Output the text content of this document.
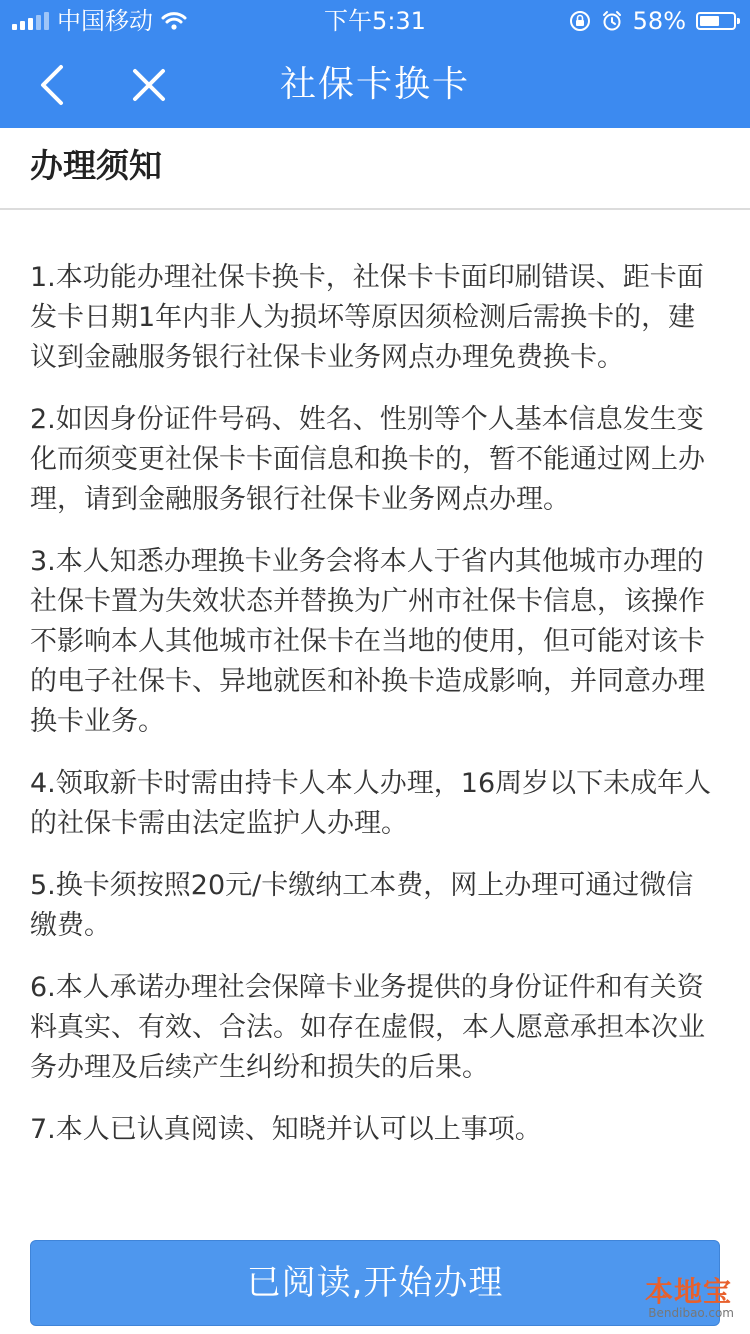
中国移动	下午5:31	58%
社保卡换卡
办理须知

1.本功能办理社保卡换卡，社保卡卡面印刷错误、距卡面发卡日期1年内非人为损坏等原因须检测后需换卡的，建议到金融服务银行社保卡业务网点办理免费换卡。

2.如因身份证件号码、姓名、性别等个人基本信息发生变化而须变更社保卡卡面信息和换卡的，暂不能通过网上办理，请到金融服务银行社保卡业务网点办理。

3.本人知悉办理换卡业务会将本人于省内其他城市办理的社保卡置为失效状态并替换为广州市社保卡信息，该操作不影响本人其他城市社保卡在当地的使用，但可能对该卡的电子社保卡、异地就医和补换卡造成影响，并同意办理换卡业务。

4.领取新卡时需由持卡人本人办理，16周岁以下未成年人的社保卡需由法定监护人办理。

5.换卡须按照20元/卡缴纳工本费，网上办理可通过微信缴费。

6.本人承诺办理社会保障卡业务提供的身份证件和有关资料真实、有效、合法。如存在虚假，本人愿意承担本次业务办理及后续产生纠纷和损失的后果。

7.本人已认真阅读、知晓并认可以上事项。

已阅读,开始办理	本地宝
Bendibao.com
